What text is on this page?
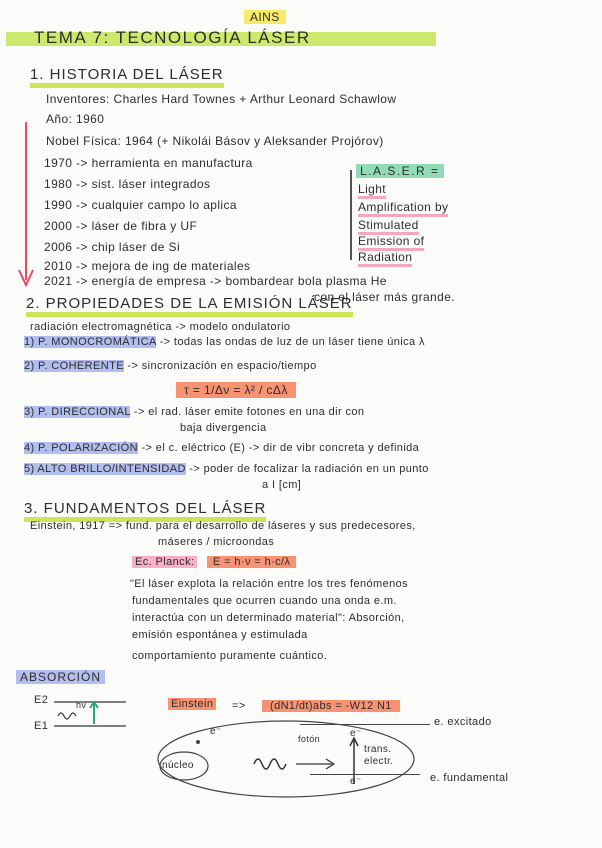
AINS
TEMA 7: TECNOLOGÍA LÁSER
1. HISTORIA DEL LÁSER
Inventores: Charles Hard Townes + Arthur Leonard Schawlow
Año: 1960
Nobel Física: 1964 (+ Nikolái Básov y Aleksander Projórov)
1970 -> herramienta en manufactura
1980 -> sist. láser integrados
1990 -> cualquier campo lo aplica
2000 -> láser de fibra y UF
2006 -> chip láser de Si
2010 -> mejora de ing de materiales
2021 -> energía de empresa -> bombardear bola plasma He
con el láser más grande.
L.A.S.E.R =
Light
Amplification by
Stimulated
Emission of
Radiation
2. PROPIEDADES DE LA EMISIÓN LÁSER
radiación electromagnética -> modelo ondulatorio
1) P. MONOCROMÁTICA -> todas las ondas de luz de un láser tiene única λ
2) P. COHERENTE -> sincronización en espacio/tiempo
τ = 1/Δν = λ² / cΔλ
3) P. DIRECCIONAL -> el rad. láser emite fotones en una dir con
baja divergencia
4) P. POLARIZACIÓN -> el c. eléctrico (E) -> dir de vibr concreta y definida
5) ALTO BRILLO/INTENSIDAD -> poder de focalizar la radiación en un punto
a I [cm]
3. FUNDAMENTOS DEL LÁSER
Einstein, 1917 => fund. para el desarrollo de láseres y sus predecesores,
máseres / microondas
Ec. Planck: E = h·ν = h·c/λ
"El láser explota la relación entre los tres fenómenos
fundamentales que ocurren cuando una onda e.m.
interactúa con un determinado material": Absorción,
emisión espontánea y estimulada
comportamiento puramente cuántico.
ABSORCIÓN
E2
E1
hν	Einstein =>	(dN1/dt)abs = -W12 N1
e. excitado
e⁻
núcleo
fotón	e⁻
e⁻
trans. electr.
e. fundamental
